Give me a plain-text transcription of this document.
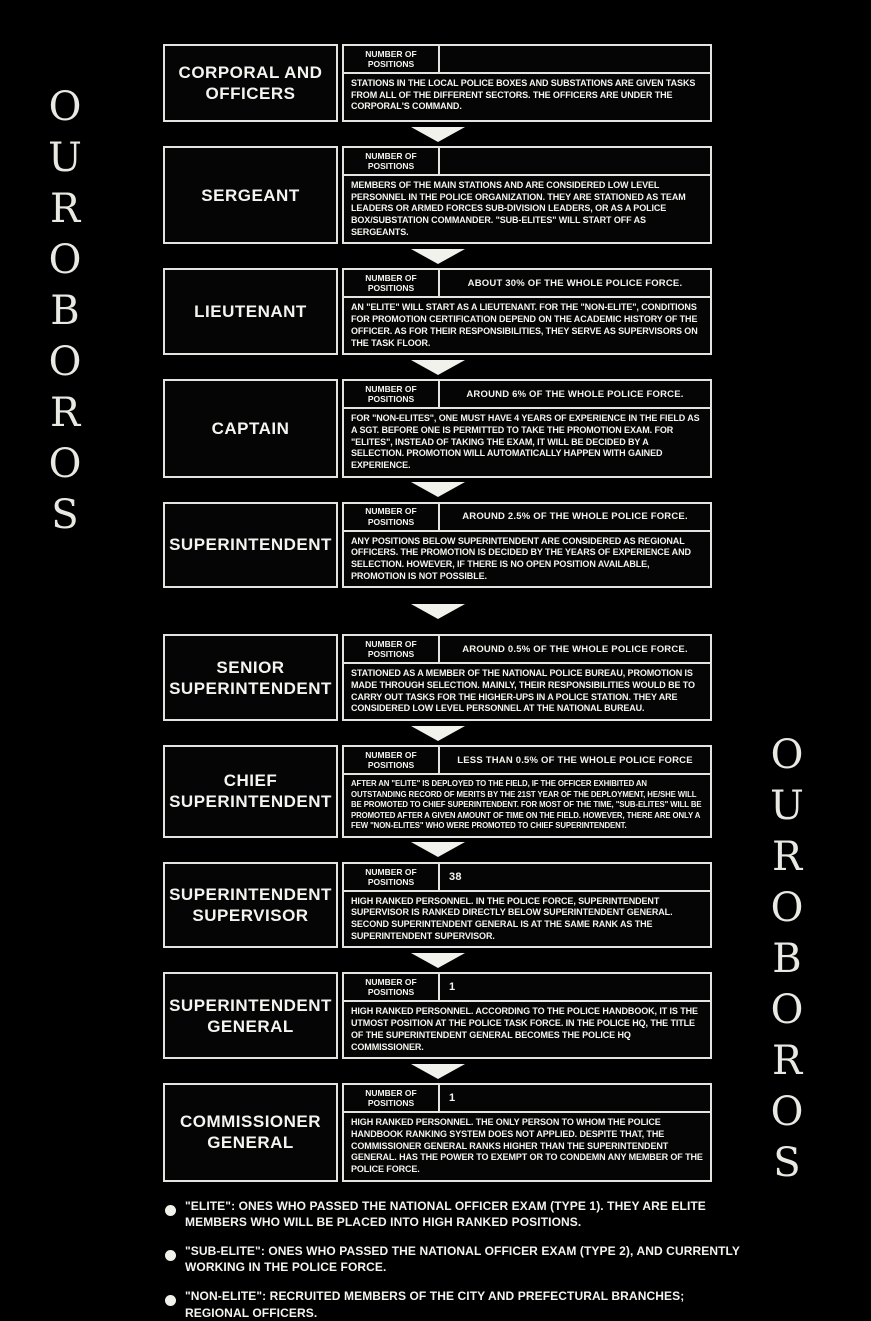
OUROBOROS
OUROBOROS
CORPORAL AND OFFICERS
NUMBER OF POSITIONS
STATIONS IN THE LOCAL POLICE BOXES AND SUBSTATIONS ARE GIVEN TASKS FROM ALL OF THE DIFFERENT SECTORS. THE OFFICERS ARE UNDER THE CORPORAL'S COMMAND.
SERGEANT
NUMBER OF POSITIONS
MEMBERS OF THE MAIN STATIONS AND ARE CONSIDERED LOW LEVEL PERSONNEL IN THE POLICE ORGANIZATION. THEY ARE STATIONED AS TEAM LEADERS OR ARMED FORCES SUB-DIVISION LEADERS, OR AS A POLICE BOX/SUBSTATION COMMANDER. "SUB-ELITES" WILL START OFF AS SERGEANTS.
LIEUTENANT
NUMBER OF POSITIONS	ABOUT 30% OF THE WHOLE POLICE FORCE.
AN "ELITE" WILL START AS A LIEUTENANT. FOR THE "NON-ELITE", CONDITIONS FOR PROMOTION CERTIFICATION DEPEND ON THE ACADEMIC HISTORY OF THE OFFICER. AS FOR THEIR RESPONSIBILITIES, THEY SERVE AS SUPERVISORS ON THE TASK FLOOR.
CAPTAIN
NUMBER OF POSITIONS	AROUND 6% OF THE WHOLE POLICE FORCE.
FOR "NON-ELITES", ONE MUST HAVE 4 YEARS OF EXPERIENCE IN THE FIELD AS A SGT. BEFORE ONE IS PERMITTED TO TAKE THE PROMOTION EXAM. FOR "ELITES", INSTEAD OF TAKING THE EXAM, IT WILL BE DECIDED BY A SELECTION. PROMOTION WILL AUTOMATICALLY HAPPEN WITH GAINED EXPERIENCE.
SUPERINTENDENT
NUMBER OF POSITIONS	AROUND 2.5% OF THE WHOLE POLICE FORCE.
ANY POSITIONS BELOW SUPERINTENDENT ARE CONSIDERED AS REGIONAL OFFICERS. THE PROMOTION IS DECIDED BY THE YEARS OF EXPERIENCE AND SELECTION. HOWEVER, IF THERE IS NO OPEN POSITION AVAILABLE, PROMOTION IS NOT POSSIBLE.
SENIOR SUPERINTENDENT
NUMBER OF POSITIONS	AROUND 0.5% OF THE WHOLE POLICE FORCE.
STATIONED AS A MEMBER OF THE NATIONAL POLICE BUREAU, PROMOTION IS MADE THROUGH SELECTION. MAINLY, THEIR RESPONSIBILITIES WOULD BE TO CARRY OUT TASKS FOR THE HIGHER-UPS IN A POLICE STATION. THEY ARE CONSIDERED LOW LEVEL PERSONNEL AT THE NATIONAL BUREAU.
CHIEF SUPERINTENDENT
NUMBER OF POSITIONS	LESS THAN 0.5% OF THE WHOLE POLICE FORCE
AFTER AN "ELITE" IS DEPLOYED TO THE FIELD, IF THE OFFICER EXHIBITED AN OUTSTANDING RECORD OF MERITS BY THE 21ST YEAR OF THE DEPLOYMENT, HE/SHE WILL BE PROMOTED TO CHIEF SUPERINTENDENT. FOR MOST OF THE TIME, "SUB-ELITES" WILL BE PROMOTED AFTER A GIVEN AMOUNT OF TIME ON THE FIELD. HOWEVER, THERE ARE ONLY A FEW "NON-ELITES" WHO WERE PROMOTED TO CHIEF SUPERINTENDENT.
SUPERINTENDENT SUPERVISOR
NUMBER OF POSITIONS	38
HIGH RANKED PERSONNEL. IN THE POLICE FORCE, SUPERINTENDENT SUPERVISOR IS RANKED DIRECTLY BELOW SUPERINTENDENT GENERAL. SECOND SUPERINTENDENT GENERAL IS AT THE SAME RANK AS THE SUPERINTENDENT SUPERVISOR.
SUPERINTENDENT GENERAL
NUMBER OF POSITIONS	1
HIGH RANKED PERSONNEL. ACCORDING TO THE POLICE HANDBOOK, IT IS THE UTMOST POSITION AT THE POLICE TASK FORCE. IN THE POLICE HQ, THE TITLE OF THE SUPERINTENDENT GENERAL BECOMES THE POLICE HQ COMMISSIONER.
COMMISSIONER GENERAL
NUMBER OF POSITIONS	1
HIGH RANKED PERSONNEL. THE ONLY PERSON TO WHOM THE POLICE HANDBOOK RANKING SYSTEM DOES NOT APPLIED. DESPITE THAT, THE COMMISSIONER GENERAL RANKS HIGHER THAN THE SUPERINTENDENT GENERAL. HAS THE POWER TO EXEMPT OR TO CONDEMN ANY MEMBER OF THE POLICE FORCE.
"ELITE": ONES WHO PASSED THE NATIONAL OFFICER EXAM (TYPE 1). THEY ARE ELITE MEMBERS WHO WILL BE PLACED INTO HIGH RANKED POSITIONS.
"SUB-ELITE": ONES WHO PASSED THE NATIONAL OFFICER EXAM (TYPE 2), AND CURRENTLY WORKING IN THE POLICE FORCE.
"NON-ELITE": RECRUITED MEMBERS OF THE CITY AND PREFECTURAL BRANCHES; REGIONAL OFFICERS.
